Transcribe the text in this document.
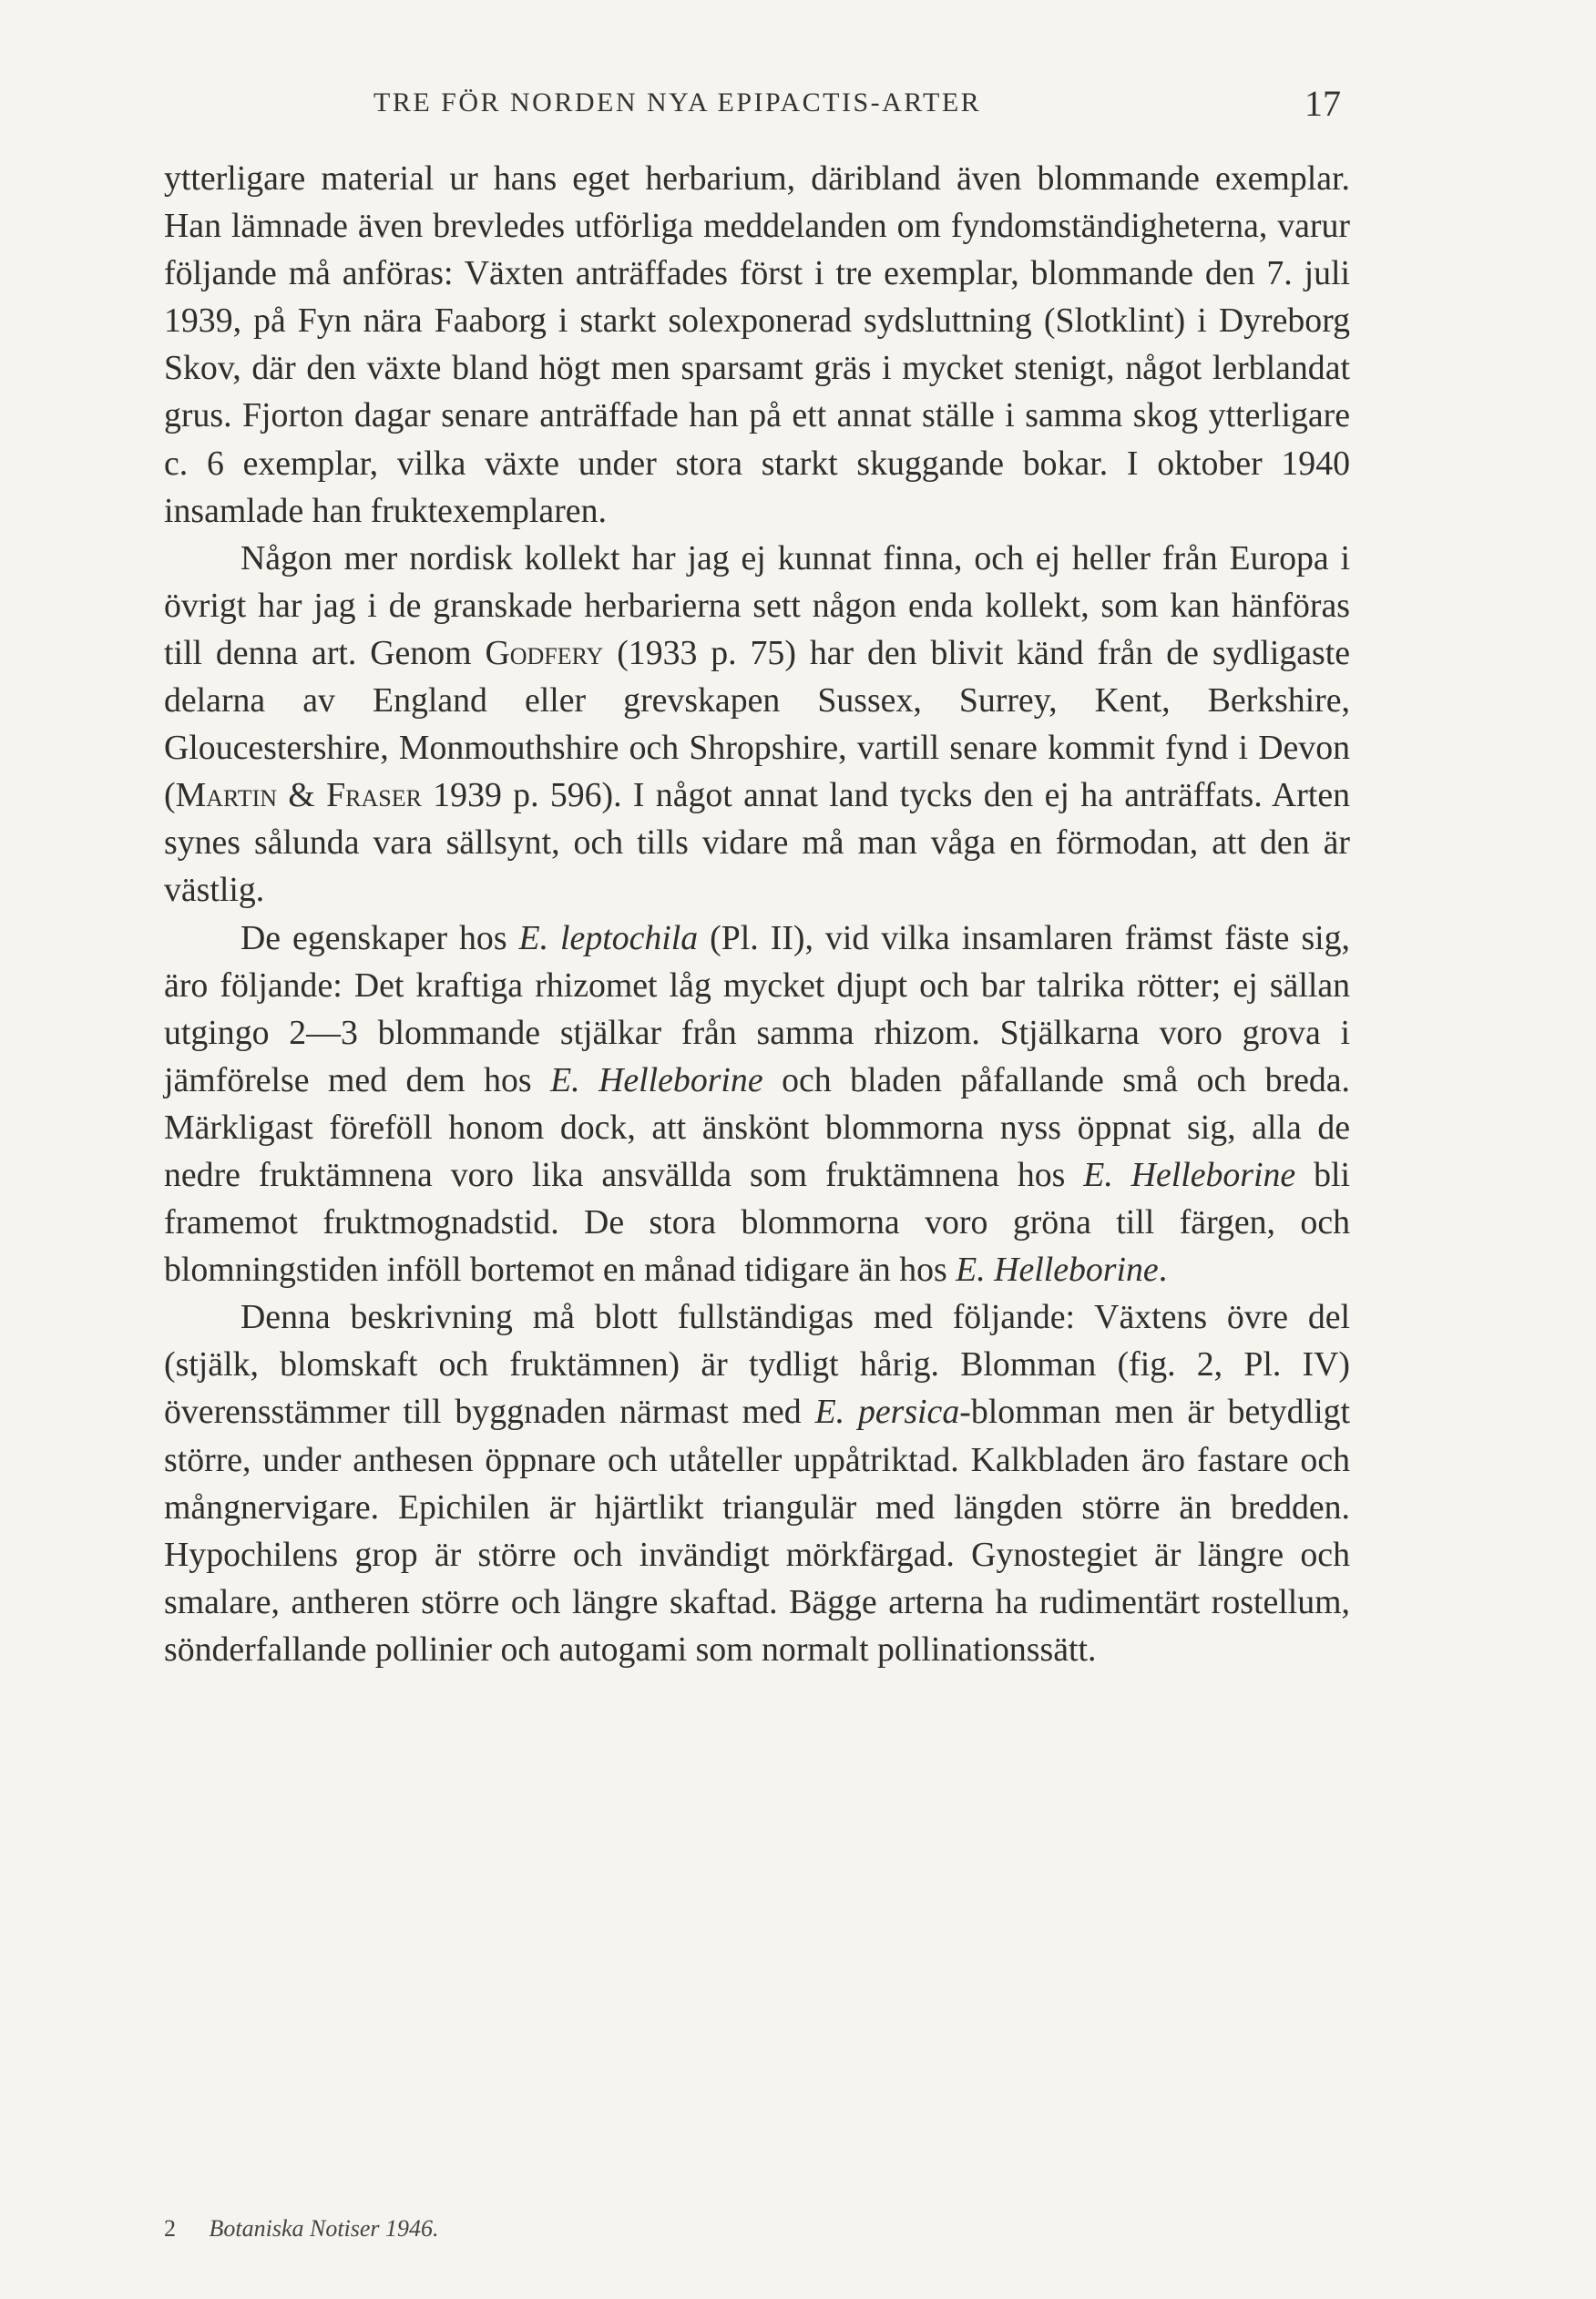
TRE FÖR NORDEN NYA EPIPACTIS-ARTER	17

ytterligare material ur hans eget herbarium, däribland även blommande exemplar. Han lämnade även brevledes utförliga meddelanden om fyndomständigheterna, varur följande må anföras: Växten anträffades först i tre exemplar, blommande den 7. juli 1939, på Fyn nära Faaborg i starkt solexponerad sydsluttning (Slotklint) i Dyreborg Skov, där den växte bland högt men sparsamt gräs i mycket stenigt, något lerblandat grus. Fjorton dagar senare anträffade han på ett annat ställe i samma skog ytterligare c. 6 exemplar, vilka växte under stora starkt skuggande bokar. I oktober 1940 insamlade han fruktexemplaren.

Någon mer nordisk kollekt har jag ej kunnat finna, och ej heller från Europa i övrigt har jag i de granskade herbarierna sett någon enda kollekt, som kan hänföras till denna art. Genom Godfery (1933 p. 75) har den blivit känd från de sydligaste delarna av England eller grevskapen Sussex, Surrey, Kent, Berkshire, Gloucestershire, Monmouthshire och Shropshire, vartill senare kommit fynd i Devon (Martin & Fraser 1939 p. 596). I något annat land tycks den ej ha anträffats. Arten synes sålunda vara sällsynt, och tills vidare må man våga en förmodan, att den är västlig.

De egenskaper hos E. leptochila (Pl. II), vid vilka insamlaren främst fäste sig, äro följande: Det kraftiga rhizomet låg mycket djupt och bar talrika rötter; ej sällan utgingo 2—3 blommande stjälkar från samma rhizom. Stjälkarna voro grova i jämförelse med dem hos E. Helleborine och bladen påfallande små och breda. Märkligast föreföll honom dock, att änskönt blommorna nyss öppnat sig, alla de nedre fruktämnena voro lika ansvällda som fruktämnena hos E. Helleborine bli framemot fruktmognadstid. De stora blommorna voro gröna till färgen, och blomningstiden inföll bortemot en månad tidigare än hos E. Helleborine.

Denna beskrivning må blott fullständigas med följande: Växtens övre del (stjälk, blomskaft och fruktämnen) är tydligt hårig. Blomman (fig. 2, Pl. IV) överensstämmer till byggnaden närmast med E. persica-blomman men är betydligt större, under anthesen öppnare och utåteller uppåtriktad. Kalkbladen äro fastare och mångnervigare. Epichilen är hjärtlikt triangulär med längden större än bredden. Hypochilens grop är större och invändigt mörkfärgad. Gynostegiet är längre och smalare, antheren större och längre skaftad. Bägge arterna ha rudimentärt rostellum, sönderfallande pollinier och autogami som normalt pollinationssätt.

2 Botaniska Notiser 1946.
